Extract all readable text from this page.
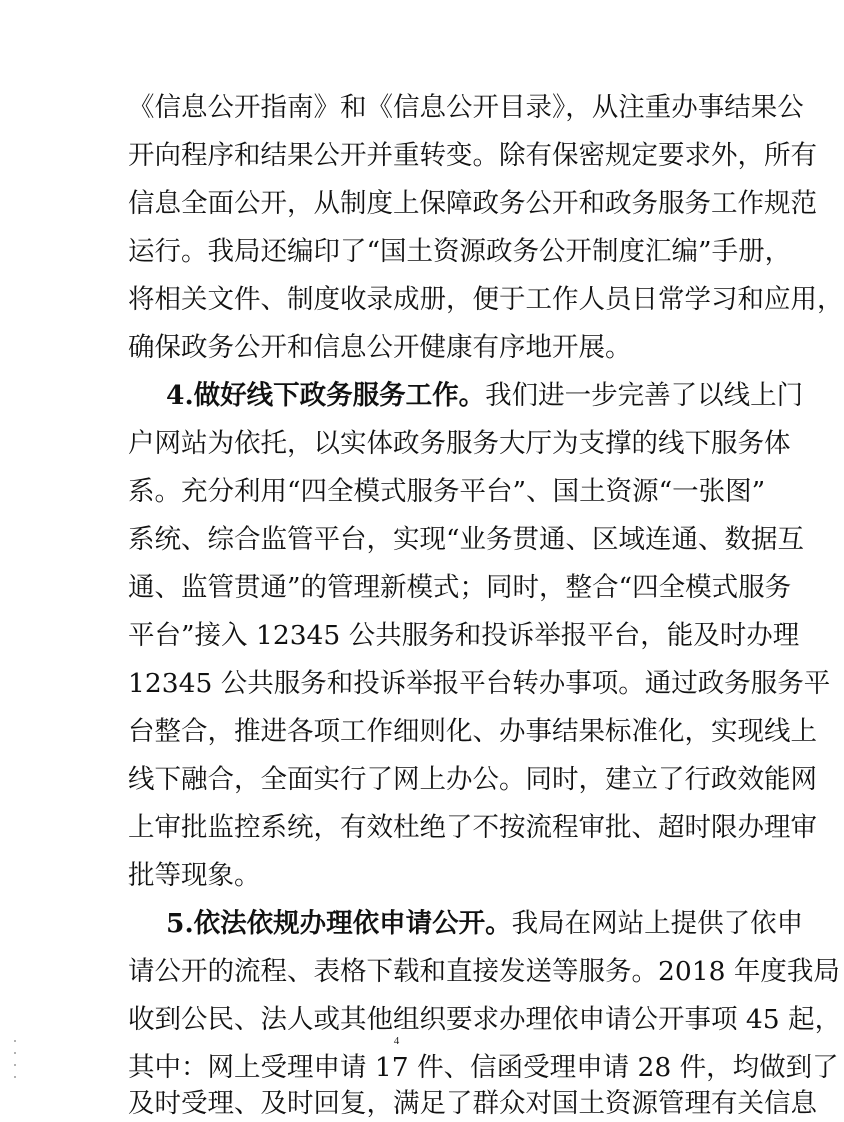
《信息公开指南》和《信息公开目录》，从注重办事结果公
开向程序和结果公开并重转变。除有保密规定要求外，所有
信息全面公开，从制度上保障政务公开和政务服务工作规范
运行。我局还编印了“国土资源政务公开制度汇编”手册，
将相关文件、制度收录成册，便于工作人员日常学习和应用，
确保政务公开和信息公开健康有序地开展。
4.做好线下政务服务工作。我们进一步完善了以线上门
户网站为依托，以实体政务服务大厅为支撑的线下服务体
系。充分利用“四全模式服务平台”、国土资源“一张图”
系统、综合监管平台，实现“业务贯通、区域连通、数据互
通、监管贯通”的管理新模式；同时，整合“四全模式服务
平台”接入 12345 公共服务和投诉举报平台，能及时办理
12345 公共服务和投诉举报平台转办事项。通过政务服务平
台整合，推进各项工作细则化、办事结果标准化，实现线上
线下融合，全面实行了网上办公。同时，建立了行政效能网
上审批监控系统，有效杜绝了不按流程审批、超时限办理审
批等现象。
5.依法依规办理依申请公开。我局在网站上提供了依申
请公开的流程、表格下载和直接发送等服务。2018 年度我局
收到公民、法人或其他组织要求办理依申请公开事项 45 起，
其中：网上受理申请 17 件、信函受理申请 28 件，均做到了
及时受理、及时回复，满足了群众对国土资源管理有关信息
4
